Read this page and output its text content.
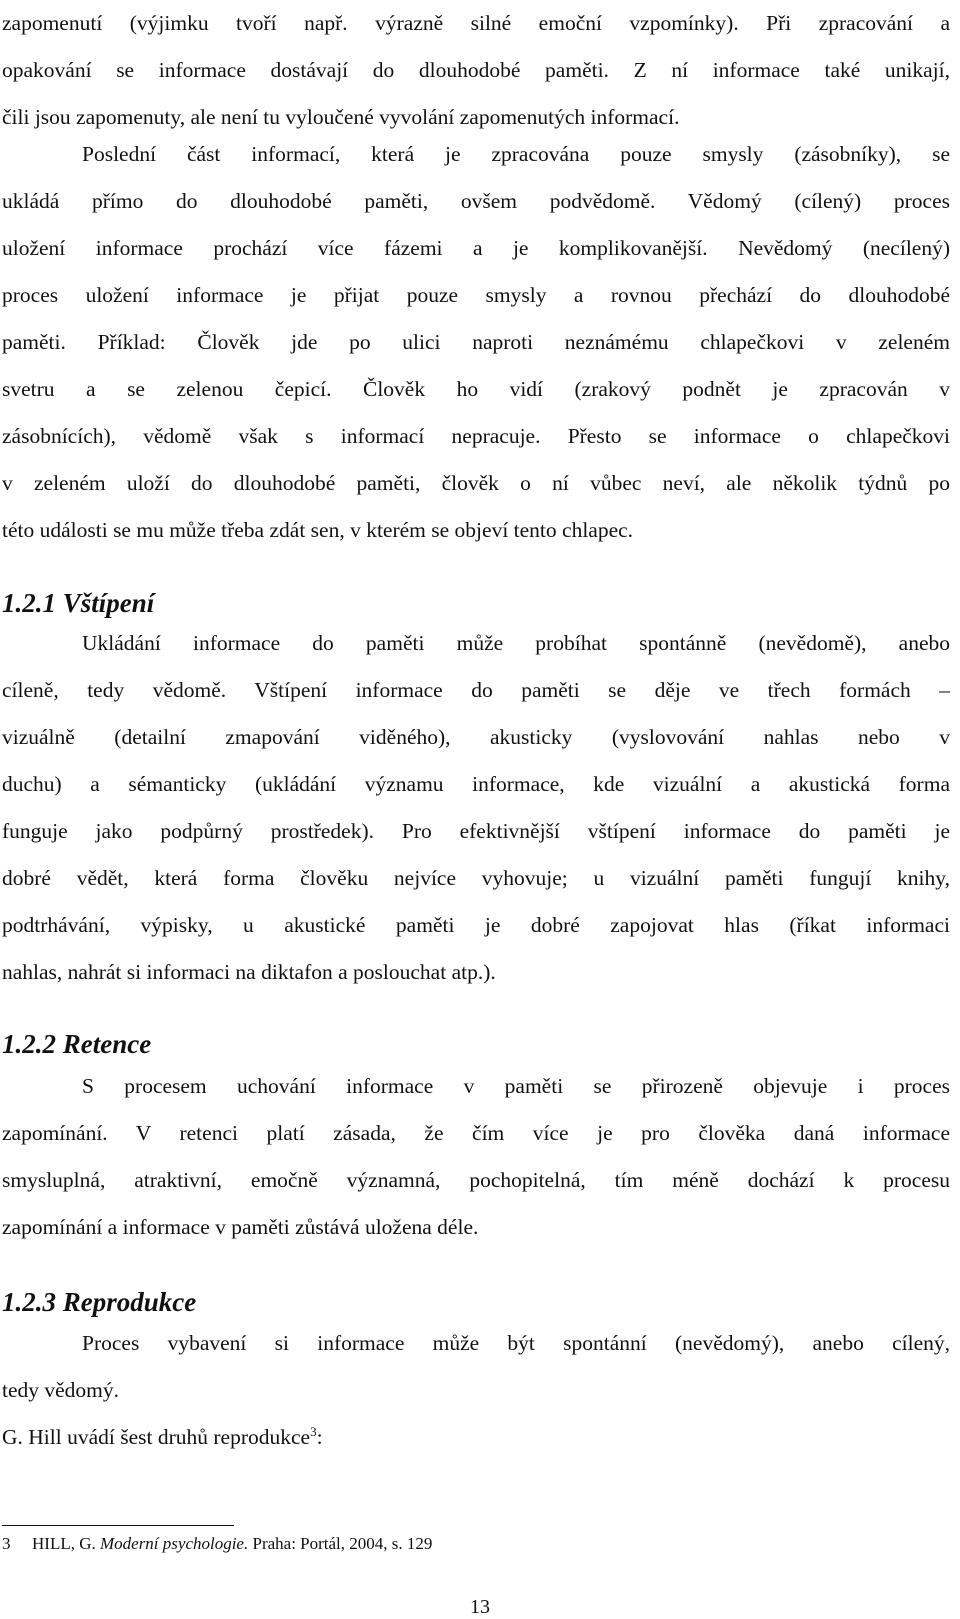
zapomenutí (výjimku tvoří např. výrazně silné emoční vzpomínky). Při zpracování a
opakování se informace dostávají do dlouhodobé paměti. Z ní informace také unikají,
čili jsou zapomenuty, ale není tu vyloučené vyvolání zapomenutých informací.
Poslední část informací, která je zpracována pouze smysly (zásobníky), se
ukládá přímo do dlouhodobé paměti, ovšem podvědomě. Vědomý (cílený) proces
uložení informace prochází více fázemi a je komplikovanější. Nevědomý (necílený)
proces uložení informace je přijat pouze smysly a rovnou přechází do dlouhodobé
paměti. Příklad: Člověk jde po ulici naproti neznámému chlapečkovi v zeleném
svetru a se zelenou čepicí. Člověk ho vidí (zrakový podnět je zpracován v
zásobnících), vědomě však s informací nepracuje. Přesto se informace o chlapečkovi
v zeleném uloží do dlouhodobé paměti, člověk o ní vůbec neví, ale několik týdnů po
této události se mu může třeba zdát sen, v kterém se objeví tento chlapec.
1.2.1 Vštípení
Ukládání informace do paměti může probíhat spontánně (nevědomě), anebo
cíleně, tedy vědomě. Vštípení informace do paměti se děje ve třech formách –
vizuálně (detailní zmapování viděného), akusticky (vyslovování nahlas nebo v
duchu) a sémanticky (ukládání významu informace, kde vizuální a akustická forma
funguje jako podpůrný prostředek). Pro efektivnější vštípení informace do paměti je
dobré vědět, která forma člověku nejvíce vyhovuje; u vizuální paměti fungují knihy,
podtrhávání, výpisky, u akustické paměti je dobré zapojovat hlas (říkat informaci
nahlas, nahrát si informaci na diktafon a poslouchat atp.).
1.2.2 Retence
S procesem uchování informace v paměti se přirozeně objevuje i proces
zapomínání. V retenci platí zásada, že čím více je pro člověka daná informace
smysluplná, atraktivní, emočně významná, pochopitelná, tím méně dochází k procesu
zapomínání a informace v paměti zůstává uložena déle.
1.2.3 Reprodukce
Proces vybavení si informace může být spontánní (nevědomý), anebo cílený,
tedy vědomý.
G. Hill uvádí šest druhů reprodukce$^3$:
3 HILL, G. Moderní psychologie. Praha: Portál, 2004, s. 129
13
